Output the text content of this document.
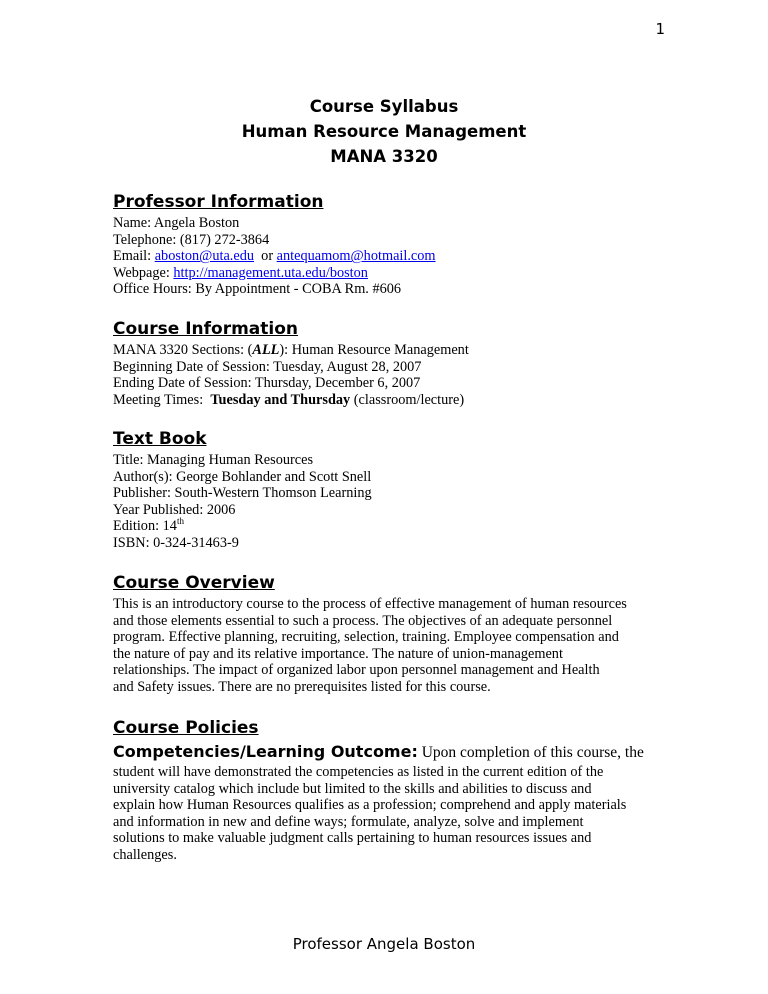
1
Course Syllabus
Human Resource Management
MANA 3320
Professor Information
Name: Angela Boston
Telephone: (817) 272-3864
Email: aboston@uta.edu  or antequamom@hotmail.com
Webpage: http://management.uta.edu/boston
Office Hours: By Appointment - COBA Rm. #606
Course Information
MANA 3320 Sections: (ALL): Human Resource Management
Beginning Date of Session: Tuesday, August 28, 2007
Ending Date of Session: Thursday, December 6, 2007
Meeting Times:  Tuesday and Thursday (classroom/lecture)
Text Book
Title: Managing Human Resources
Author(s): George Bohlander and Scott Snell
Publisher: South-Western Thomson Learning
Year Published: 2006
Edition: 14th
ISBN: 0-324-31463-9
Course Overview
This is an introductory course to the process of effective management of human resources
and those elements essential to such a process. The objectives of an adequate personnel
program. Effective planning, recruiting, selection, training. Employee compensation and
the nature of pay and its relative importance. The nature of union-management
relationships. The impact of organized labor upon personnel management and Health
and Safety issues. There are no prerequisites listed for this course.
Course Policies
Competencies/Learning Outcome: Upon completion of this course, the
student will have demonstrated the competencies as listed in the current edition of the
university catalog which include but limited to the skills and abilities to discuss and
explain how Human Resources qualifies as a profession; comprehend and apply materials
and information in new and define ways; formulate, analyze, solve and implement
solutions to make valuable judgment calls pertaining to human resources issues and
challenges.
Professor Angela Boston
